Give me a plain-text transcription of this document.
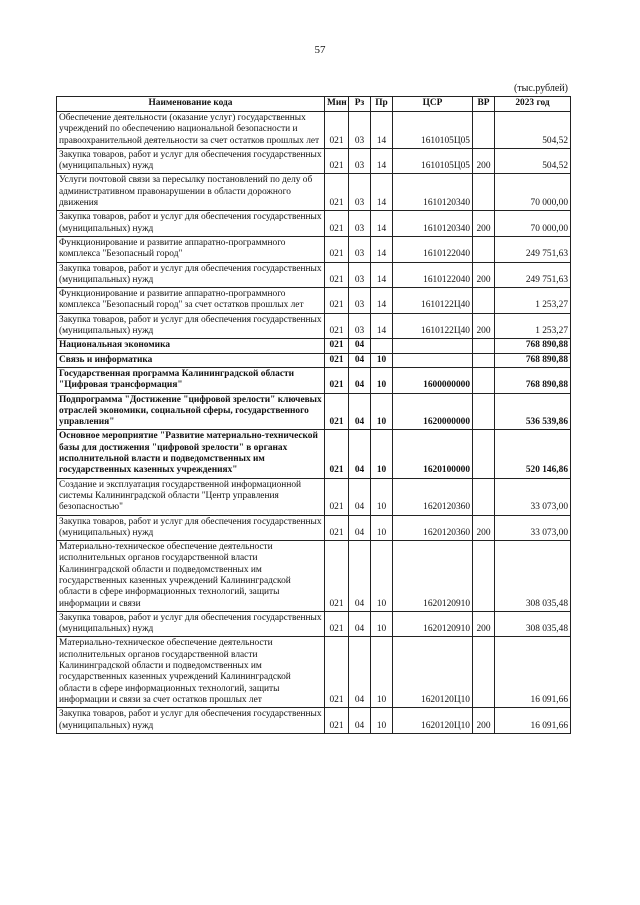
57
(тыс.рублей)
Наименование кода	Мин	Рз	Пр	ЦСР	ВР	2023 год
Обеспечение деятельности (оказание услуг) государственных учреждений по обеспечению национальной безопасности и правоохранительной деятельности за счет остатков прошлых лет	021	03	14	1610105Ц05		504,52
Закупка товаров, работ и услуг для обеспечения государственных (муниципальных) нужд	021	03	14	1610105Ц05	200	504,52
Услуги почтовой связи за пересылку постановлений по делу об административном правонарушении в области дорожного движения	021	03	14	1610120340		70 000,00
Закупка товаров, работ и услуг для обеспечения государственных (муниципальных) нужд	021	03	14	1610120340	200	70 000,00
Функционирование и развитие аппаратно-программного комплекса "Безопасный город"	021	03	14	1610122040		249 751,63
Закупка товаров, работ и услуг для обеспечения государственных (муниципальных) нужд	021	03	14	1610122040	200	249 751,63
Функционирование и развитие аппаратно-программного комплекса "Безопасный город" за счет остатков прошлых лет	021	03	14	1610122Ц40		1 253,27
Закупка товаров, работ и услуг для обеспечения государственных (муниципальных) нужд	021	03	14	1610122Ц40	200	1 253,27
Национальная экономика	021	04				768 890,88
Связь и информатика	021	04	10			768 890,88
Государственная программа Калининградской области "Цифровая трансформация"	021	04	10	1600000000		768 890,88
Подпрограмма "Достижение "цифровой зрелости" ключевых отраслей экономики, социальной сферы, государственного управления"	021	04	10	1620000000		536 539,86
Основное мероприятие "Развитие материально-технической базы для достижения "цифровой зрелости" в органах исполнительной власти и подведомственных им государственных казенных учреждениях"	021	04	10	1620100000		520 146,86
Создание и эксплуатация государственной информационной системы Калининградской области "Центр управления безопасностью"	021	04	10	1620120360		33 073,00
Закупка товаров, работ и услуг для обеспечения государственных (муниципальных) нужд	021	04	10	1620120360	200	33 073,00
Материально-техническое обеспечение деятельности исполнительных органов государственной власти Калининградской области и подведомственных им государственных казенных учреждений Калининградской области в сфере информационных технологий, защиты информации и связи	021	04	10	1620120910		308 035,48
Закупка товаров, работ и услуг для обеспечения государственных (муниципальных) нужд	021	04	10	1620120910	200	308 035,48
Материально-техническое обеспечение деятельности исполнительных органов государственной власти Калининградской области и подведомственных им государственных казенных учреждений Калининградской области в сфере информационных технологий, защиты информации и связи за счет остатков прошлых лет	021	04	10	1620120Ц10		16 091,66
Закупка товаров, работ и услуг для обеспечения государственных (муниципальных) нужд	021	04	10	1620120Ц10	200	16 091,66
